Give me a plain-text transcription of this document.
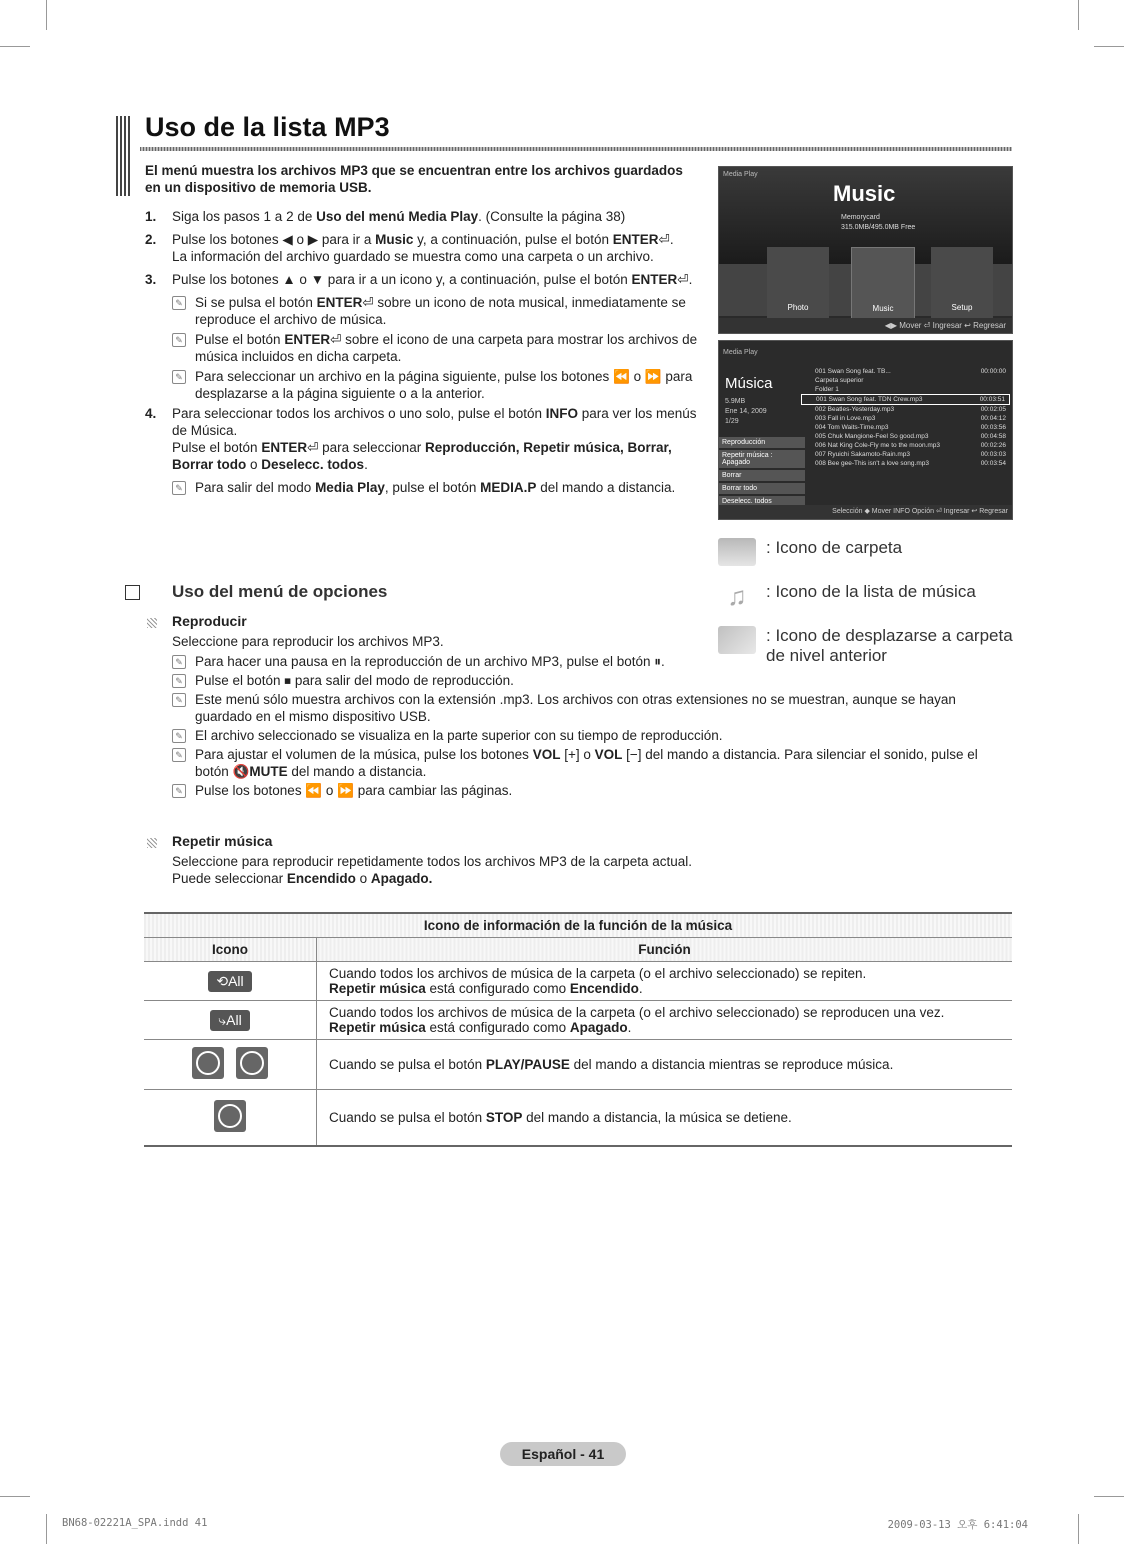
Uso de la lista MP3
El menú muestra los archivos MP3 que se encuentran entre los archivos guardados en un dispositivo de memoria USB.
1. Siga los pasos 1 a 2 de Uso del menú Media Play. (Consulte la página 38)
2. Pulse los botones ◀ o ▶ para ir a Music y, a continuación, pulse el botón ENTER⏎.
La información del archivo guardado se muestra como una carpeta o un archivo.
3. Pulse los botones ▲ o ▼ para ir a un icono y, a continuación, pulse el botón ENTER⏎.
✎ Si se pulsa el botón ENTER⏎ sobre un icono de nota musical, inmediatamente se reproduce el archivo de música.
✎ Pulse el botón ENTER⏎ sobre el icono de una carpeta para mostrar los archivos de música incluidos en dicha carpeta.
✎ Para seleccionar un archivo en la página siguiente, pulse los botones ⏪ o ⏩ para desplazarse a la página siguiente o a la anterior.
4. Para seleccionar todos los archivos o uno solo, pulse el botón INFO para ver los menús de Música.
Pulse el botón ENTER⏎ para seleccionar Reproducción, Repetir música, Borrar, Borrar todo o Deselecc. todos.
✎ Para salir del modo Media Play, pulse el botón MEDIA.P del mando a distancia.
Media Play
Music
Memorycard
315.0MB/495.0MB Free
Photo	Music	Setup
◀▶ Mover ⏎ Ingresar ↩ Regresar
Media Play
Música
5.9MB
Ene 14, 2009
1/29
Reproducción
Repetir música : Apagado
Borrar
Borrar todo
Deselecc. todos
001 Swan Song feat. TB...	00:00:00
Carpeta superior
Folder 1
001 Swan Song feat. TDN Crew.mp3	00:03:51
002 Beatles-Yesterday.mp3	00:02:05
003 Fall in Love.mp3	00:04:12
004 Tom Waits-Time.mp3	00:03:56
005 Chuk Mangione-Feel So good.mp3	00:04:58
006 Nat King Cole-Fly me to the moon.mp3	00:02:26
007 Ryuichi Sakamoto-Rain.mp3	00:03:03
008 Bee gee-This isn't a love song.mp3	00:03:54
Selección ◆ Mover INFO Opción ⏎ Ingresar ↩ Regresar
: Icono de carpeta
♫	: Icono de la lista de música
: Icono de desplazarse a carpeta de nivel anterior
Uso del menú de opciones
Reproducir
Seleccione para reproducir los archivos MP3.
✎ Para hacer una pausa en la reproducción de un archivo MP3, pulse el botón ⏸.
✎ Pulse el botón ⏹ para salir del modo de reproducción.
✎ Este menú sólo muestra archivos con la extensión .mp3. Los archivos con otras extensiones no se muestran, aunque se hayan guardado en el mismo dispositivo USB.
✎ El archivo seleccionado se visualiza en la parte superior con su tiempo de reproducción.
✎ Para ajustar el volumen de la música, pulse los botones VOL [+] o VOL [−] del mando a distancia. Para silenciar el sonido, pulse el botón 🔇MUTE del mando a distancia.
✎ Pulse los botones ⏪ o ⏩ para cambiar las páginas.
Repetir música
Seleccione para reproducir repetidamente todos los archivos MP3 de la carpeta actual.
Puede seleccionar Encendido o Apagado.
Icono de información de la función de la música	
Icono	Función
⟲All	Cuando todos los archivos de música de la carpeta (o el archivo seleccionado) se repiten.
Repetir música está configurado como Encendido.
⤷All	Cuando todos los archivos de música de la carpeta (o el archivo seleccionado) se reproducen una vez.
Repetir música está configurado como Apagado.

	Cuando se pulsa el botón PLAY/PAUSE del mando a distancia mientras se reproduce música.

	Cuando se pulsa el botón STOP del mando a distancia, la música se detiene.
Español - 41
BN68-02221A_SPA.indd 41	2009-03-13 오후 6:41:04
